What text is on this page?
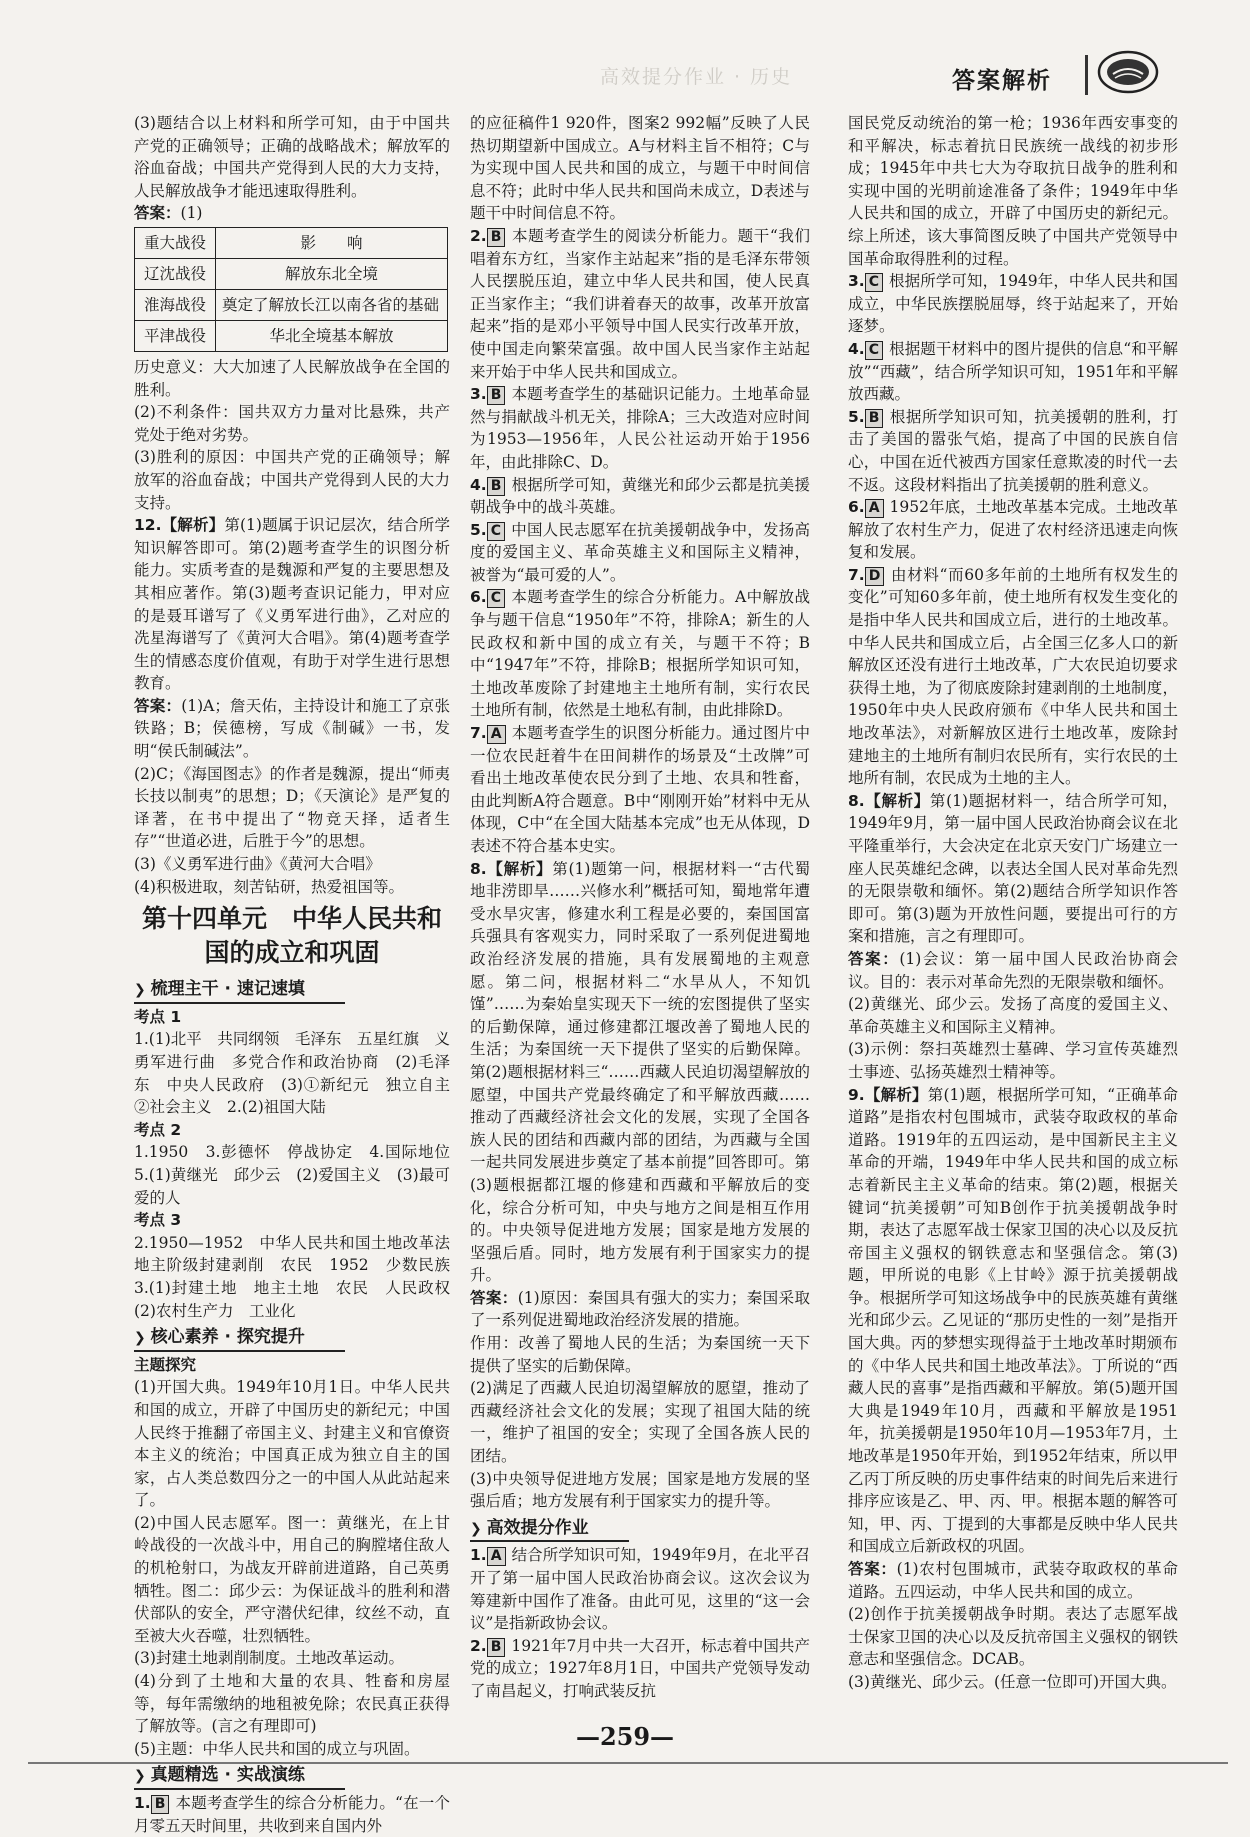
高效提分作业 · 历史	答案解析

(3)题结合以上材料和所学可知，由于中国共产党的正确领导；正确的战略战术；解放军的浴血奋战；中国共产党得到人民的大力支持，人民解放战争才能迅速取得胜利。

答案：(1)

重大战役	影　　响
辽沈战役	解放东北全境
淮海战役	奠定了解放长江以南各省的基础
平津战役	华北全境基本解放

历史意义：大大加速了人民解放战争在全国的胜利。

(2)不利条件：国共双方力量对比悬殊，共产党处于绝对劣势。

(3)胜利的原因：中国共产党的正确领导；解放军的浴血奋战；中国共产党得到人民的大力支持。

12.【解析】第(1)题属于识记层次，结合所学知识解答即可。第(2)题考查学生的识图分析能力。实质考查的是魏源和严复的主要思想及其相应著作。第(3)题考查识记能力，甲对应的是聂耳谱写了《义勇军进行曲》，乙对应的冼星海谱写了《黄河大合唱》。第(4)题考查学生的情感态度价值观，有助于对学生进行思想教育。

答案：(1)A；詹天佑，主持设计和施工了京张铁路；B；侯德榜，写成《制碱》一书，发明“侯氏制碱法”。

(2)C；《海国图志》的作者是魏源，提出“师夷长技以制夷”的思想；D；《天演论》是严复的译著，在书中提出了“物竞天择，适者生存”“世道必进，后胜于今”的思想。

(3)《义勇军进行曲》《黄河大合唱》

(4)积极进取，刻苦钻研，热爱祖国等。

第十四单元　中华人民共和国的成立和巩固
❯ 梳理主干 · 速记速填

考点 1

1.(1)北平　共同纲领　毛泽东　五星红旗　义勇军进行曲　多党合作和政治协商　(2)毛泽东　中央人民政府　(3)①新纪元　独立自主　②社会主义　2.(2)祖国大陆

考点 2

1.1950　3.彭德怀　停战协定　4.国际地位　5.(1)黄继光　邱少云　(2)爱国主义　(3)最可爱的人

考点 3

2.1950—1952　中华人民共和国土地改革法　地主阶级封建剥削　农民　1952　少数民族　3.(1)封建土地　地主土地　农民　人民政权　(2)农村生产力　工业化

❯ 核心素养 · 探究提升

主题探究

(1)开国大典。1949年10月1日。中华人民共和国的成立，开辟了中国历史的新纪元；中国人民终于推翻了帝国主义、封建主义和官僚资本主义的统治；中国真正成为独立自主的国家，占人类总数四分之一的中国人从此站起来了。

(2)中国人民志愿军。图一：黄继光，在上甘岭战役的一次战斗中，用自己的胸膛堵住敌人的机枪射口，为战友开辟前进道路，自己英勇牺牲。图二：邱少云：为保证战斗的胜利和潜伏部队的安全，严守潜伏纪律，纹丝不动，直至被大火吞噬，壮烈牺牲。

(3)封建土地剥削制度。土地改革运动。

(4)分到了土地和大量的农具、牲畜和房屋等，每年需缴纳的地租被免除；农民真正获得了解放等。(言之有理即可)

(5)主题：中华人民共和国的成立与巩固。

❯ 真题精选 · 实战演练

1. B 本题考查学生的综合分析能力。“在一个月零五天时间里，共收到来自国内外

的应征稿件1 920件，图案2 992幅”反映了人民热切期望新中国成立。A与材料主旨不相符；C与为实现中国人民共和国的成立，与题干中时间信息不符；此时中华人民共和国尚未成立，D表述与题干中时间信息不符。

2. B 本题考查学生的阅读分析能力。题干“我们唱着东方红，当家作主站起来”指的是毛泽东带领人民摆脱压迫，建立中华人民共和国，使人民真正当家作主；“我们讲着春天的故事，改革开放富起来”指的是邓小平领导中国人民实行改革开放，使中国走向繁荣富强。故中国人民当家作主站起来开始于中华人民共和国成立。

3. B 本题考查学生的基础识记能力。土地革命显然与捐献战斗机无关，排除A；三大改造对应时间为1953—1956年，人民公社运动开始于1956年，由此排除C、D。

4. B 根据所学可知，黄继光和邱少云都是抗美援朝战争中的战斗英雄。

5. C 中国人民志愿军在抗美援朝战争中，发扬高度的爱国主义、革命英雄主义和国际主义精神，被誉为“最可爱的人”。

6. C 本题考查学生的综合分析能力。A中解放战争与题干信息“1950年”不符，排除A；新生的人民政权和新中国的成立有关，与题干不符；B中“1947年”不符，排除B；根据所学知识可知，土地改革废除了封建地主土地所有制，实行农民土地所有制，依然是土地私有制，由此排除D。

7. A 本题考查学生的识图分析能力。通过图片中一位农民赶着牛在田间耕作的场景及“土改牌”可看出土地改革使农民分到了土地、农具和牲畜，由此判断A符合题意。B中“刚刚开始”材料中无从体现，C中“在全国大陆基本完成”也无从体现，D表述不符合基本史实。

8.【解析】第(1)题第一问，根据材料一“古代蜀地非涝即旱……兴修水利”概括可知，蜀地常年遭受水旱灾害，修建水利工程是必要的，秦国国富兵强具有客观实力，同时采取了一系列促进蜀地政治经济发展的措施，具有发展蜀地的主观意愿。第二问，根据材料二“水旱从人，不知饥馑”……为秦始皇实现天下一统的宏图提供了坚实的后勤保障，通过修建都江堰改善了蜀地人民的生活；为秦国统一天下提供了坚实的后勤保障。第(2)题根据材料三“……西藏人民迫切渴望解放的愿望，中国共产党最终确定了和平解放西藏……推动了西藏经济社会文化的发展，实现了全国各族人民的团结和西藏内部的团结，为西藏与全国一起共同发展进步奠定了基本前提”回答即可。第(3)题根据都江堰的修建和西藏和平解放后的变化，综合分析可知，中央与地方之间是相互作用的。中央领导促进地方发展；国家是地方发展的坚强后盾。同时，地方发展有利于国家实力的提升。

答案：(1)原因：秦国具有强大的实力；秦国采取了一系列促进蜀地政治经济发展的措施。

作用：改善了蜀地人民的生活；为秦国统一天下提供了坚实的后勤保障。

(2)满足了西藏人民迫切渴望解放的愿望，推动了西藏经济社会文化的发展；实现了祖国大陆的统一，维护了祖国的安全；实现了全国各族人民的团结。

(3)中央领导促进地方发展；国家是地方发展的坚强后盾；地方发展有利于国家实力的提升等。

❯ 高效提分作业

1. A 结合所学知识可知，1949年9月，在北平召开了第一届中国人民政治协商会议。这次会议为筹建新中国作了准备。由此可见，这里的“这一会议”是指新政协会议。

2. B 1921年7月中共一大召开，标志着中国共产党的成立；1927年8月1日，中国共产党领导发动了南昌起义，打响武装反抗

国民党反动统治的第一枪；1936年西安事变的和平解决，标志着抗日民族统一战线的初步形成；1945年中共七大为夺取抗日战争的胜利和实现中国的光明前途准备了条件；1949年中华人民共和国的成立，开辟了中国历史的新纪元。综上所述，该大事简图反映了中国共产党领导中国革命取得胜利的过程。

3. C 根据所学可知，1949年，中华人民共和国成立，中华民族摆脱屈辱，终于站起来了，开始逐梦。

4. C 根据题干材料中的图片提供的信息“和平解放”“西藏”，结合所学知识可知，1951年和平解放西藏。

5. B 根据所学知识可知，抗美援朝的胜利，打击了美国的嚣张气焰，提高了中国的民族自信心，中国在近代被西方国家任意欺凌的时代一去不返。这段材料指出了抗美援朝的胜利意义。

6. A 1952年底，土地改革基本完成。土地改革解放了农村生产力，促进了农村经济迅速走向恢复和发展。

7. D 由材料“而60多年前的土地所有权发生的变化”可知60多年前，使土地所有权发生变化的是指中华人民共和国成立后，进行的土地改革。中华人民共和国成立后，占全国三亿多人口的新解放区还没有进行土地改革，广大农民迫切要求获得土地，为了彻底废除封建剥削的土地制度，1950年中央人民政府颁布《中华人民共和国土地改革法》，对新解放区进行土地改革，废除封建地主的土地所有制归农民所有，实行农民的土地所有制，农民成为土地的主人。

8.【解析】第(1)题据材料一，结合所学可知，1949年9月，第一届中国人民政治协商会议在北平隆重举行，大会决定在北京天安门广场建立一座人民英雄纪念碑，以表达全国人民对革命先烈的无限崇敬和缅怀。第(2)题结合所学知识作答即可。第(3)题为开放性问题，要提出可行的方案和措施，言之有理即可。

答案：(1)会议：第一届中国人民政治协商会议。目的：表示对革命先烈的无限崇敬和缅怀。

(2)黄继光、邱少云。发扬了高度的爱国主义、革命英雄主义和国际主义精神。

(3)示例：祭扫英雄烈士墓碑、学习宣传英雄烈士事迹、弘扬英雄烈士精神等。

9.【解析】第(1)题，根据所学可知，“正确革命道路”是指农村包围城市，武装夺取政权的革命道路。1919年的五四运动，是中国新民主主义革命的开端，1949年中华人民共和国的成立标志着新民主主义革命的结束。第(2)题，根据关键词“抗美援朝”可知B创作于抗美援朝战争时期，表达了志愿军战士保家卫国的决心以及反抗帝国主义强权的钢铁意志和坚强信念。第(3)题，甲所说的电影《上甘岭》源于抗美援朝战争。根据所学可知这场战争中的民族英雄有黄继光和邱少云。乙见证的“那历史性的一刻”是指开国大典。丙的梦想实现得益于土地改革时期颁布的《中华人民共和国土地改革法》。丁所说的“西藏人民的喜事”是指西藏和平解放。第(5)题开国大典是1949年10月，西藏和平解放是1951年，抗美援朝是1950年10月—1953年7月，土地改革是1950年开始，到1952年结束，所以甲乙丙丁所反映的历史事件结束的时间先后来进行排序应该是乙、甲、丙、甲。根据本题的解答可知，甲、丙、丁提到的大事都是反映中华人民共和国成立后新政权的巩固。

答案：(1)农村包围城市，武装夺取政权的革命道路。五四运动，中华人民共和国的成立。

(2)创作于抗美援朝战争时期。表达了志愿军战士保家卫国的决心以及反抗帝国主义强权的钢铁意志和坚强信念。DCAB。

(3)黄继光、邱少云。(任意一位即可)开国大典。

—259—
